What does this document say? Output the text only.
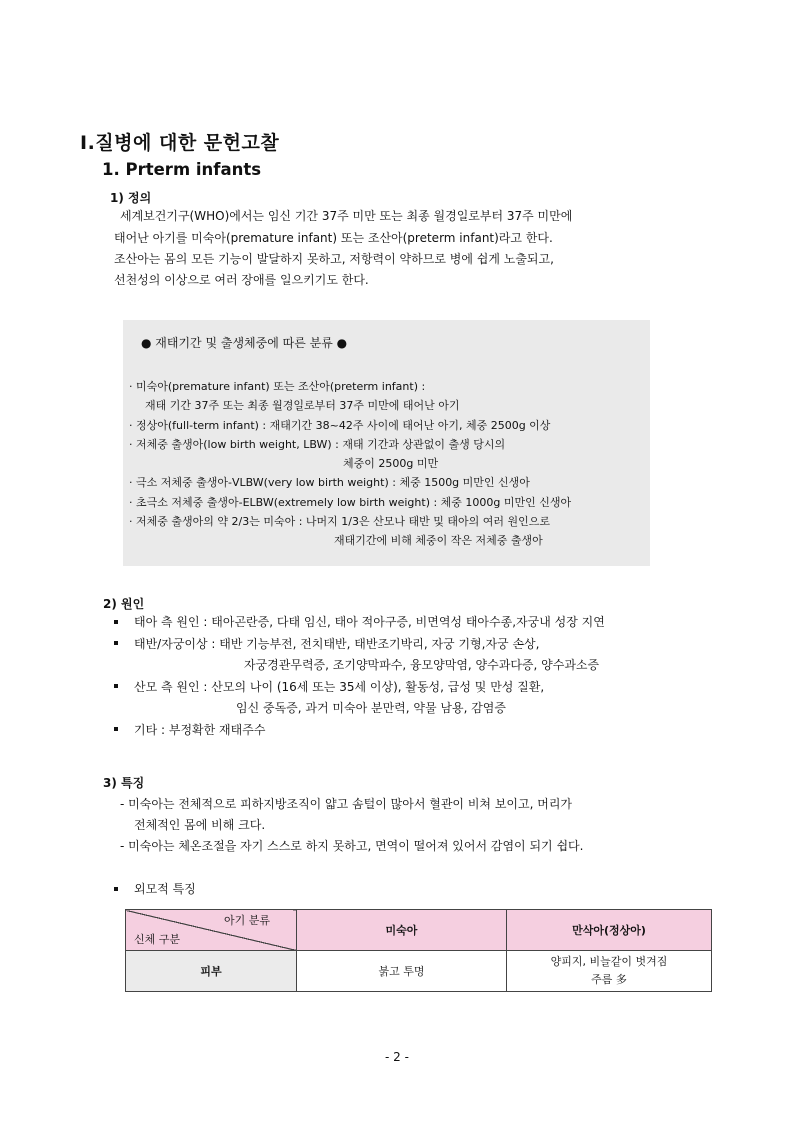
Ⅰ.질병에 대한 문헌고찰
1. Prterm infants
1) 정의
세계보건기구(WHO)에서는 임신 기간 37주 미만 또는 최종 월경일로부터 37주 미만에
태어난 아기를 미숙아(premature infant) 또는 조산아(preterm infant)라고 한다.
조산아는 몸의 모든 기능이 발달하지 못하고, 저항력이 약하므로 병에 쉽게 노출되고,
선천성의 이상으로 여러 장애를 일으키기도 한다.
● 재태기간 및 출생체중에 따른 분류 ●
· 미숙아(premature infant) 또는 조산아(preterm infant) :
재태 기간 37주 또는 최종 월경일로부터 37주 미만에 태어난 아기
· 정상아(full-term infant) : 재태기간 38~42주 사이에 태어난 아기, 체중 2500g 이상
· 저체중 출생아(low birth weight, LBW) : 재태 기간과 상관없이 출생 당시의
체중이 2500g 미만
· 극소 저체중 출생아-VLBW(very low birth weight) : 체중 1500g 미만인 신생아
· 초극소 저체중 출생아-ELBW(extremely low birth weight) : 체중 1000g 미만인 신생아
· 저체중 출생아의 약 2/3는 미숙아 : 나머지 1/3은 산모나 태반 및 태아의 여러 원인으로
재태기간에 비해 체중이 작은 저체중 출생아
2) 원인
태아 측 원인 : 태아곤란증, 다태 임신, 태아 적아구증, 비면역성 태아수종,자궁내 성장 지연
태반/자궁이상 : 태반 기능부전, 전치태반, 태반조기박리, 자궁 기형,자궁 손상,
자궁경관무력증, 조기양막파수, 융모양막염, 양수과다증, 양수과소증
산모 측 원인 : 산모의 나이 (16세 또는 35세 이상), 활동성, 급성 및 만성 질환,
임신 중독증, 과거 미숙아 분만력, 약물 남용, 감염증
기타 : 부정확한 재태주수
3) 특징
- 미숙아는 전체적으로 피하지방조직이 얇고 솜털이 많아서 혈관이 비쳐 보이고, 머리가
전체적인 몸에 비해 크다.
- 미숙아는 체온조절을 자기 스스로 하지 못하고, 면역이 떨어져 있어서 감염이 되기 쉽다.
외모적 특징
아기 분류
신체 구분	미숙아	만삭아(정상아)
피부	붉고 투명	양피지, 비늘같이 벗겨짐
주름 多
- 2 -
